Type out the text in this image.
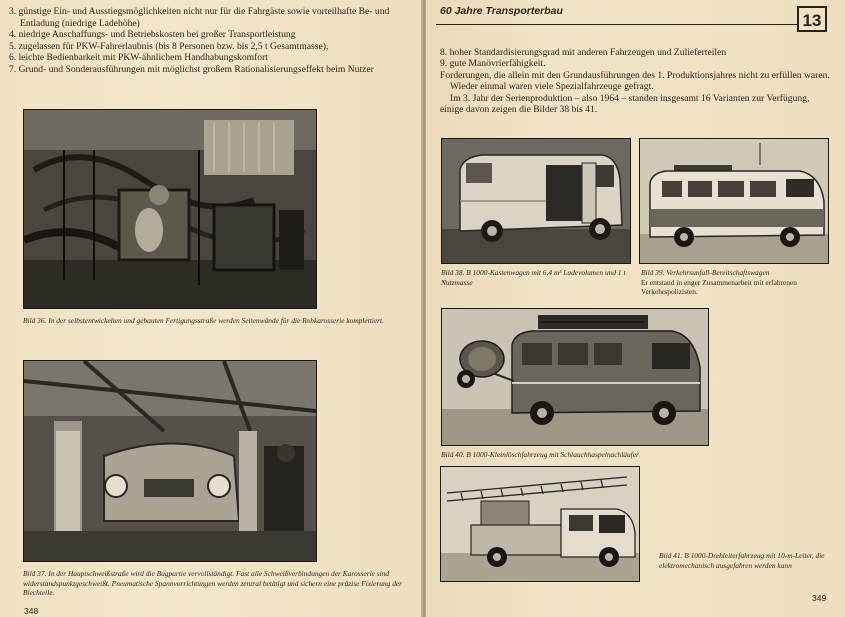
3. günstige Ein- und Ausstiegsmöglichkeiten nicht nur für die Fahrgäste sowie vorteilhafte Be- und Entladung (niedrige Ladehöhe)
4. niedrige Anschaffungs- und Betriebskosten bei großer Transportleistung
5. zugelassen für PKW-Fahrerlaubnis (bis 8 Personen bzw. bis 2,5 t Gesamtmasse),
6. leichte Bedienbarkeit mit PKW-ähnlichem Handhabungskomfort
7. Grund- und Sonderausführungen mit möglichst großem Rationalisierungseffekt beim Nutzer
Bild 36. In der selbstentwickelten und gebauten Fertigungsstraße werden Seitenwände für die Rohkarosserie komplettiert.
Bild 37. In der Hauptschweißstraße wird die Bugpartie vervollständigt. Fast alle Schweißverbindungen der Karosserie sind widerstandspunktgeschweißt. Pneumatische Spannvorrichtungen werden zentral betätigt und sichern eine präzise Fixierung der Blechteile.
348
60 Jahre Transporterbau	13

8. hoher Standardisierungsgrad mit anderen Fahrzeugen und Zulieferteilen

9. gute Manövrierfähigkeit.

Forderungen, die allein mit den Grundausführungen des 1. Produktionsjahres nicht zu erfüllen waren.

Wieder einmal waren viele Spezialfahrzeuge gefragt.

Im 3. Jahr der Serienproduktion – also 1964 – standen insgesamt 16 Varianten zur Verfügung, einige davon zeigen die Bilder 38 bis 41.

Bild 38. B 1000-Kastenwagen mit 6,4 m³ Ladevolumen und 1 t Nutzmasse
Bild 39. Verkehrsunfall-Bereitschaftswagen
Er entstand in enger Zusammenarbeit mit erfahrenen Verkehrspolizisten.
Bild 40. B 1000-Kleinlöschfahrzeug mit Schlauchhaspelnachläufer
Bild 41. B 1000-Drehleiterfahrzeug mit 10-m-Leiter, die elektromechanisch ausgefahren werden kann
349
